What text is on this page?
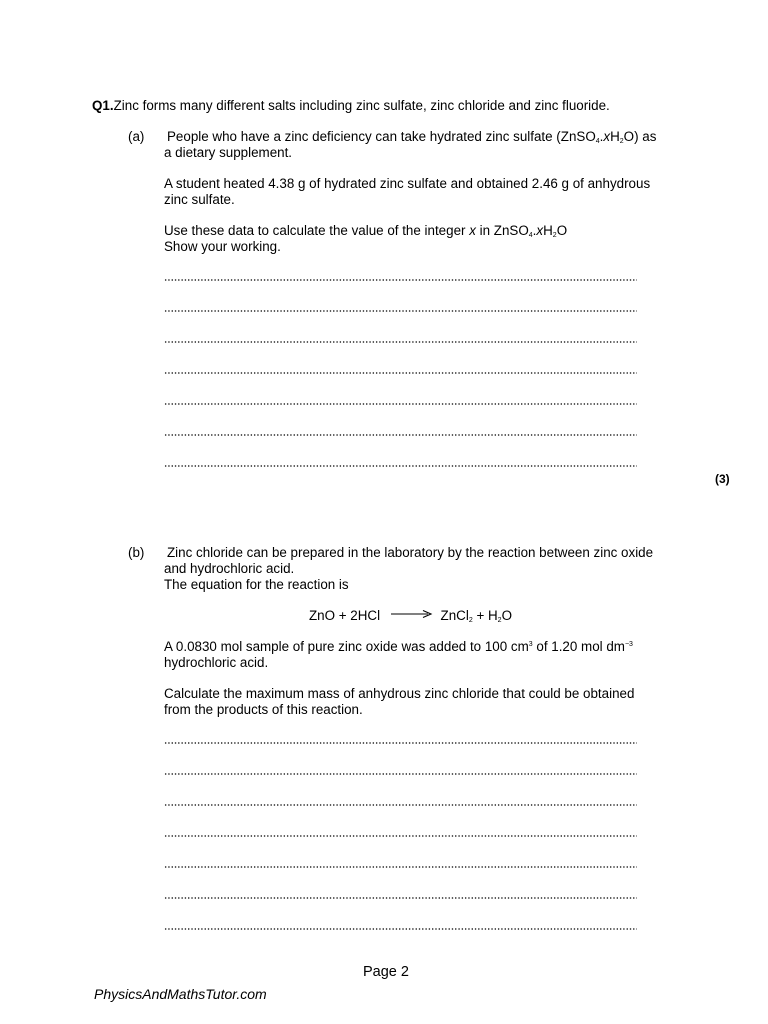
Q1.Zinc forms many different salts including zinc sulfate, zinc chloride and zinc fluoride.
(a) People who have a zinc deficiency can take hydrated zinc sulfate $(ZnSO_4.xH_2O)$ as
a dietary supplement.
A student heated 4.38 g of hydrated zinc sulfate and obtained 2.46 g of anhydrous
zinc sulfate.
Use these data to calculate the value of the integer x in $ZnSO_4.xH_2O$
Show your working.
(3)
(b) Zinc chloride can be prepared in the laboratory by the reaction between zinc oxide
and hydrochloric acid.
The equation for the reaction is
ZnO + 2HCl → ZnCl$_2$ + $H_2O$
A 0.0830 mol sample of pure zinc oxide was added to 100 $cm^3$ of 1.20 mol $dm^{-3}$
hydrochloric acid.
Calculate the maximum mass of anhydrous zinc chloride that could be obtained
from the products of this reaction.
Page 2
PhysicsAndMathsTutor.com
